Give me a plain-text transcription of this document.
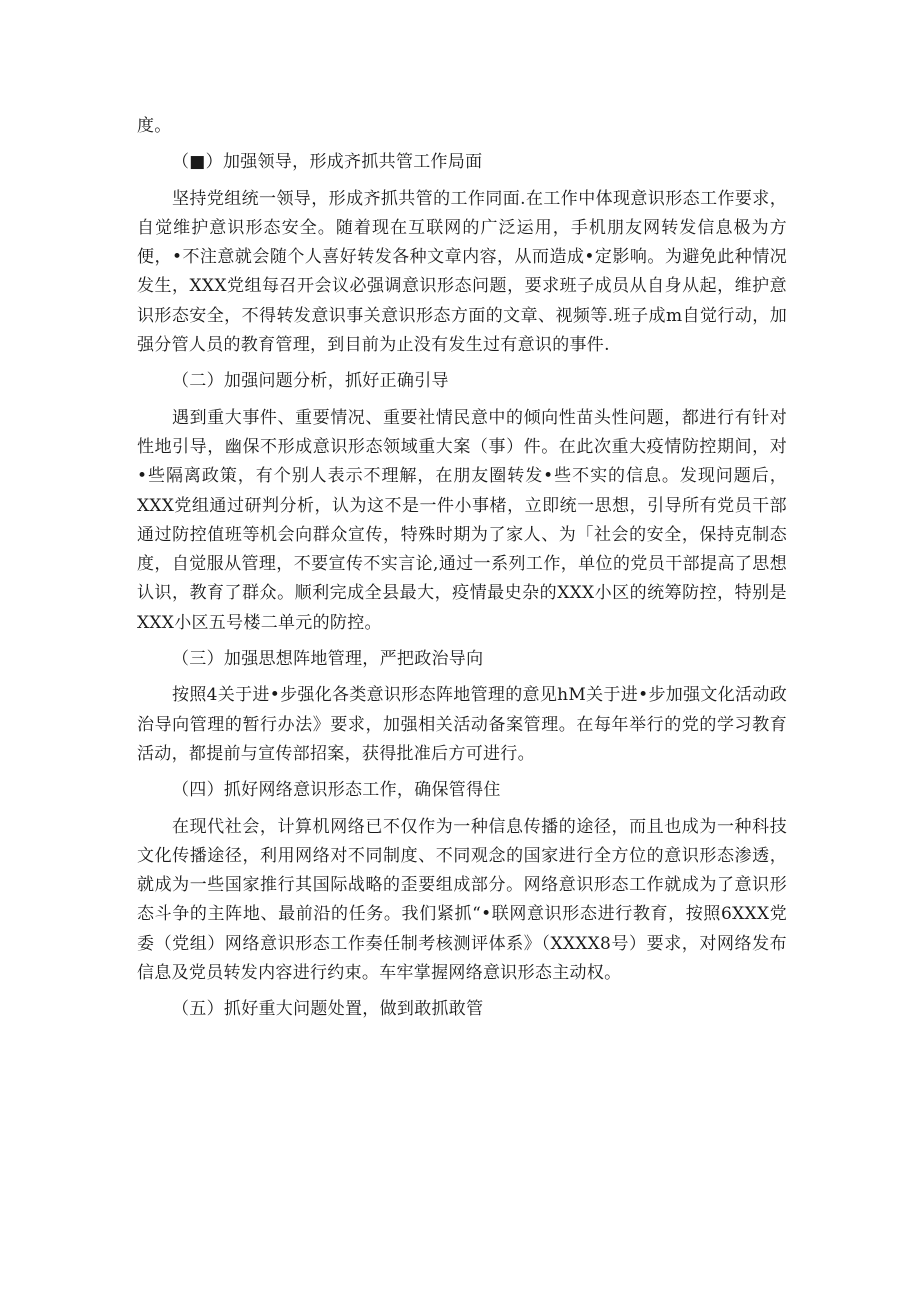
度。

（■）加强领导，形成齐抓共管工作局面

坚持党组统一领导，形成齐抓共管的工作同面.在工作中体现意识形态工作要求，自觉维护意识形态安全。随着现在互联网的广泛运用，手机朋友网转发信息极为方便，•不注意就会随个人喜好转发各种文章内容，从而造成•定影响。为避免此种情况发生，XXX党组每召开会议必强调意识形态问题，要求班子成员从自身从起，维护意识形态安全，不得转发意识事关意识形态方面的文章、视频等.班子成m自觉行动，加强分管人员的教育管理，到目前为止没有发生过有意识的事件.

（二）加强问题分析，抓好正确引导

遇到重大事件、重要情况、重要社情民意中的倾向性苗头性问题，都进行有针对性地引导，幽保不形成意识形态领域重大案（事）件。在此次重大疫情防控期间，对•些隔离政策，有个别人表示不理解，在朋友圈转发•些不实的信息。发现问题后，XXX党组通过研判分析，认为这不是一件小事楮，立即统一思想，引导所有党员干部通过防控值班等机会向群众宣传，特殊时期为了家人、为「社会的安全，保持克制态度，自觉服从管理，不要宣传不实言论,通过一系列工作，单位的党员干部提高了思想认识，教育了群众。顺利完成全县最大，疫情最史杂的XXX小区的统筹防控，特别是XXX小区五号楼二单元的防控。

（三）加强思想阵地管理，严把政治导向

按照4关于进•步强化各类意识形态阵地管理的意见hM关于进•步加强文化活动政治导向管理的暂行办法》要求，加强相关活动备案管理。在每年举行的党的学习教育活动，都提前与宣传部招案，获得批准后方可进行。

（四）抓好网络意识形态工作，确保管得住

在现代社会，计算机网络已不仅作为一种信息传播的途径，而且也成为一种科技文化传播途径，利用网络对不同制度、不同观念的国家进行全方位的意识形态渗透，就成为一些国家推行其国际战略的歪要组成部分。网络意识形态工作就成为了意识形态斗争的主阵地、最前沿的任务。我们紧抓“•联网意识形态进行教育，按照6XXX党委（党组）网络意识形态工作奏任制考核测评体系》（XXXX8号）要求，对网络发布信息及党员转发内容进行约束。车牢掌握网络意识形态主动权。

（五）抓好重大问题处置，做到敢抓敢管
